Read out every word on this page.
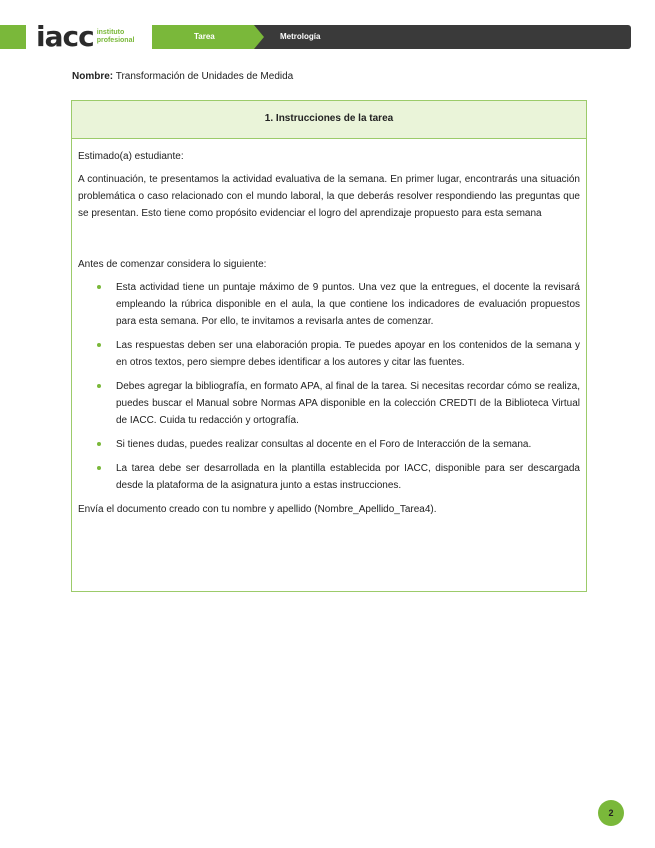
iacc instituto
profesional	Tarea	Metrología
Nombre: Transformación de Unidades de Medida
1. Instrucciones de la tarea

Estimado(a) estudiante:

A continuación, te presentamos la actividad evaluativa de la semana. En primer lugar, encontrarás una situación problemática o caso relacionado con el mundo laboral, la que deberás resolver respondiendo las preguntas que se presentan. Esto tiene como propósito evidenciar el logro del aprendizaje propuesto para esta semana

Antes de comenzar considera lo siguiente:

Esta actividad tiene un puntaje máximo de 9 puntos. Una vez que la entregues, el docente la revisará empleando la rúbrica disponible en el aula, la que contiene los indicadores de evaluación propuestos para esta semana. Por ello, te invitamos a revisarla antes de comenzar.
Las respuestas deben ser una elaboración propia. Te puedes apoyar en los contenidos de la semana y en otros textos, pero siempre debes identificar a los autores y citar las fuentes.
Debes agregar la bibliografía, en formato APA, al final de la tarea. Si necesitas recordar cómo se realiza, puedes buscar el Manual sobre Normas APA disponible en la colección CREDTI de la Biblioteca Virtual de IACC. Cuida tu redacción y ortografía.
Si tienes dudas, puedes realizar consultas al docente en el Foro de Interacción de la semana.
La tarea debe ser desarrollada en la plantilla establecida por IACC, disponible para ser descargada desde la plataforma de la asignatura junto a estas instrucciones.

Envía el documento creado con tu nombre y apellido (Nombre_Apellido_Tarea4).

2
